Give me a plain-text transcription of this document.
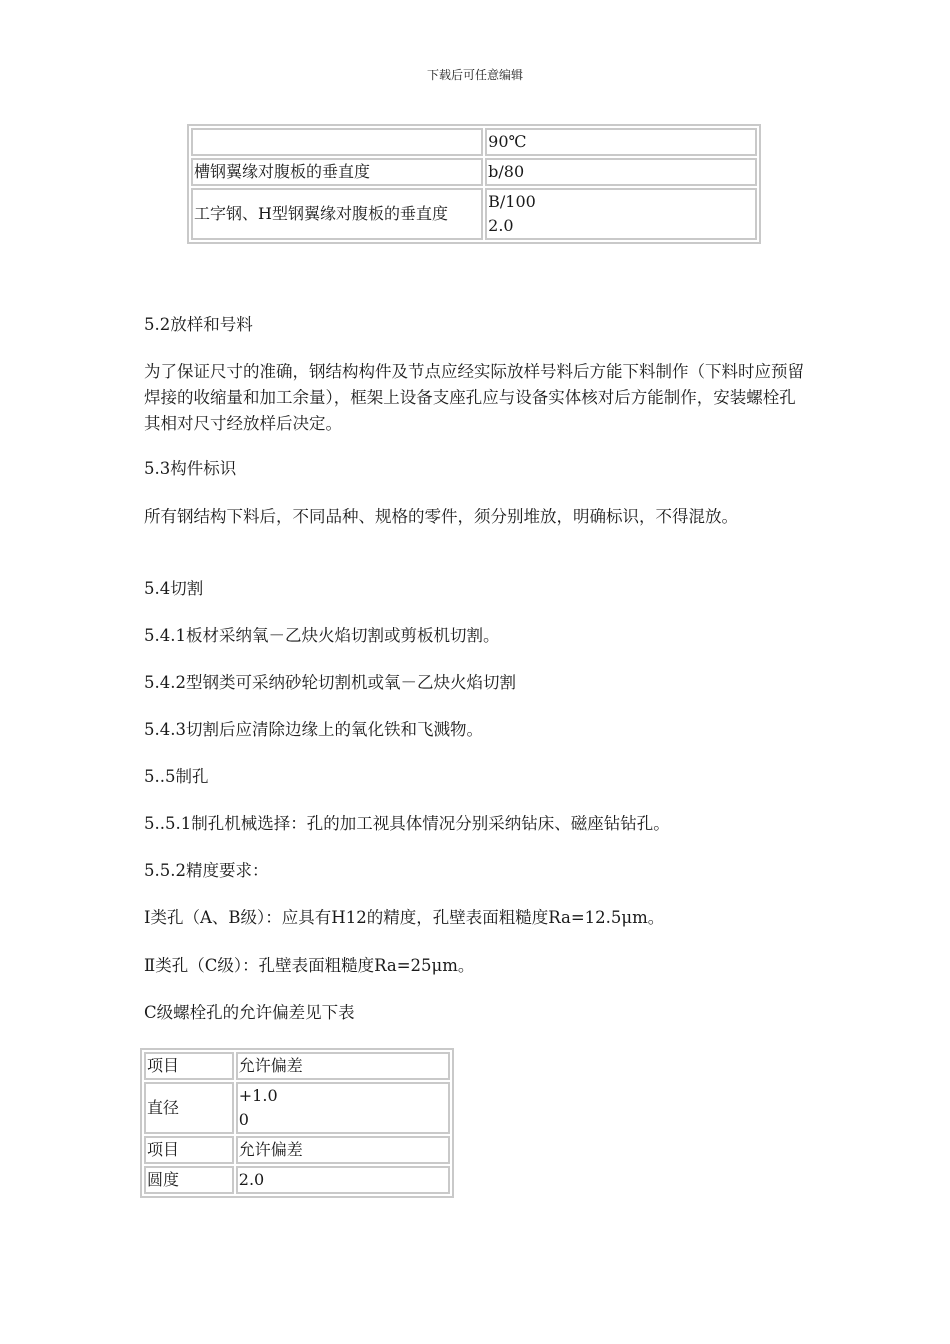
下载后可任意编辑

	90℃

槽钢翼缘对腹板的垂直度	b/80

工字钢、H型钢翼缘对腹板的垂直度	B/100
2.0

5.2放样和号料

为了保证尺寸的准确，钢结构构件及节点应经实际放样号料后方能下料制作（下料时应预留焊接的收缩量和加工余量），框架上设备支座孔应与设备实体核对后方能制作，安装螺栓孔其相对尺寸经放样后决定。

5.3构件标识

所有钢结构下料后，不同品种、规格的零件，须分别堆放，明确标识，不得混放。

5.4切割

5.4.1板材采纳氧－乙炔火焰切割或剪板机切割。

5.4.2型钢类可采纳砂轮切割机或氧－乙炔火焰切割

5.4.3切割后应清除边缘上的氧化铁和飞溅物。

5..5制孔

5..5.1制孔机械选择：孔的加工视具体情况分别采纳钻床、磁座钻钻孔。

5.5.2精度要求：

Ⅰ类孔（A、B级）：应具有H12的精度，孔壁表面粗糙度Ra=12.5μm。

Ⅱ类孔（C级）：孔壁表面粗糙度Ra=25μm。

C级螺栓孔的允许偏差见下表

项目	允许偏差

直径	+1.0
0

项目	允许偏差

圆度	2.0
